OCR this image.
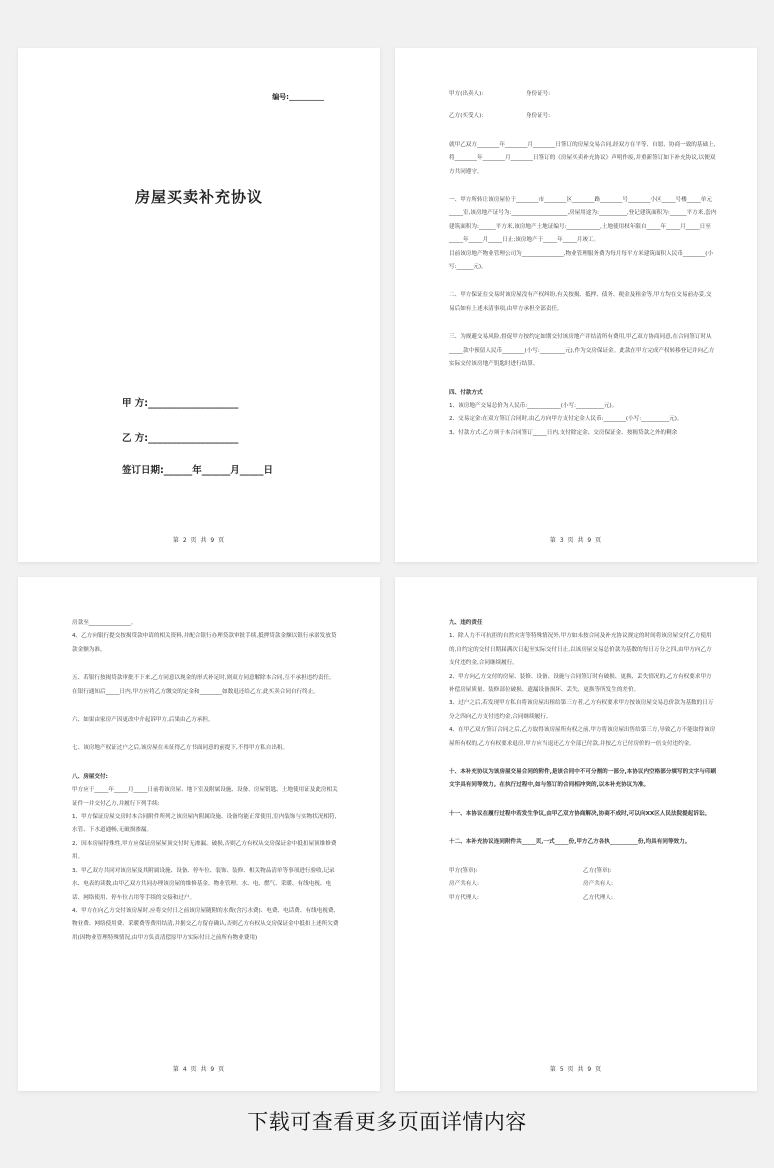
编号:__________
房屋买卖补充协议
甲 方:___________________
乙 方:___________________
签订日期:______年______月_____日
第 2 页 共 9 页

甲方(出卖人):                        身份证号:

乙方(买受人):                        身份证号:

就甲乙双方________年________月________日签订的房屋交易合同,经双方在平等、自愿、协商一致的基础上,将________年________月________日签订的《房屋买卖补充协议》声明作废,并重新签订如下补充协议,以便双方共同遵守。

一、甲方所转让该房屋位于________市________区________路________号________小区_____号楼_____单元_____室,该房地产证号为:____________________,房屋用途为:__________,登记建筑面积为:______平方米,套内建筑面积为:______平方米,该房地产土地证编号:____________,土地使用权年限自_____年_____月_____日至_____年_____月_____日止;该房地产于_____年_____月竣工。

目前该房地产物业管理公司为_______________,物业管理服务费为每月每平方米建筑面积人民币________(小写:______元)。

二、甲方保证在交易时该房屋没有产权纠纷,有关按揭、抵押、债务、税金及租金等,甲方均在交易前办妥,交易后如有上述未清事项,由甲方承担全部责任。

三、为规避交易风险,督促甲方按约定如期交付该房地产并结清所有费用,甲乙双方协商同意,在合同签订时从_____款中预留人民币________(小写:_________元),作为交房保证金。此款在甲方完成产权转移登记并向乙方实际交付该房地产钥匙时进行结算。

四、付款方式

1、该房地产交易总价为人民币:____________(小写:__________元)。

2、交易定金:在双方签订合同时,由乙方向甲方支付定金人民币:________(小写:__________元)。

3、付款方式:乙方须于本合同签订_____日内,支付除定金、交房保证金、按揭贷款之外的剩余

第 3 页 共 9 页

房款至_______________。

4、乙方向银行提交按揭贷款申请的相关资料,并配合银行办理贷款审批手续,抵押贷款金额以银行承诺发放贷款金额为准。

五、若银行按揭贷款审批不下来,乙方同意以现金的形式补足时,则双方同意解除本合同,互不承担违约责任。在银行通知后_____日内,甲方应将乙方缴交的定金和________如数退还给乙方,此买卖合同自行终止。

六、如果由家房产因更改中介起诉甲方,后果由乙方承担。

七、该房地产权证过户之后,该房屋在未征得乙方书面同意的前提下,不得甲方私自出租。

八、房屋交付:

甲方应于_____年_____月_____日前将该房屋、地下室及附属设施、设备、房屋钥匙、土地使用证及此房相关证件一并交付乙方,并履行下列手续:

1、甲方保证房屋交房时本合同附件所列之该房屋内附属设施、设备均能正常使用,室内装饰与实物状况相符,水管、下水道通畅,无破损渗漏。

2、因本房屋特殊性,甲方应保证房屋屋顶交付时无渗漏、破损,否则乙方有权从交房保证金中抵扣屋顶维修费用。

3、甲乙双方共同对该房屋及其附属设施、设备、停车位、装饰、装修、相关物品清单等事项进行验收,记录水、电表的读数,由甲乙双方共同办理该房屋的维修基金、物业管理、水、电、燃气、采暖、有线电视、电话、网络使用、停车位占用等手续的交接和过户。

4、甲方在向乙方交付该房屋时,应将交付日之前该房屋随附的水费(含污水费)、电费、电话费、有线电视费、物业费、网络使用费、采暖费等费用结清,并据交乙方留存确认,否则乙方有权从交房保证金中抵扣上述所欠费用(因物业管理特殊情况,由甲方负责清偿原甲方实际付日之前所有物业费用)

第 4 页 共 9 页

九、违约责任

1、除人力不可抗拒的自然灾害等特殊情况外,甲方如未按合同及补充协议规定的时间将该房屋交付乙方使用的,自约定的交付日期届满次日起至实际交付日止,以该房屋交易总价款为基数的每日万分之四,由甲方向乙方支付违约金,合同继续履行。

2、甲方向乙方交付的房屋、装修、设备、设施与合同签订时有破损、更换、丢失情况的,乙方有权要求甲方补偿房屋质量、装修部位破损、遗漏设备损坏、丢失、更换等所发生的差价。

3、过户之后,若发现甲方私自将该房屋出租给第三方者,乙方有权要求甲方按该房屋交易总价款为基数的日万分之四向乙方支付违约金,合同继续履行。

4、在甲乙双方签订合同之后,乙方取得该房屋所有权之前,甲方将该房屋出售给第三方,导致乙方不能取得该房屋所有权的,乙方有权要求退房,甲方应当退还乙方全部已付款,并按乙方已付房价的一倍支付违约金。

十、本补充协议为该房屋交易合同的附件,是该合同中不可分割的一部分,本协议内空格部分填写的文字与印刷文字具有同等效力。在执行过程中,如与签订的合同相冲突的,以本补充协议为准。

十一、本协议在履行过程中若发生争议,由甲乙双方协商解决,协商不成时,可以向XX区人民法院提起诉讼。

十二、本补充协议连同附件共_____页,一式_____份,甲方乙方各执__________份,均具有同等效力。

甲方(签章):	乙方(签章):

房产共有人:	房产共有人:

甲方代理人:	乙方代理人:

第 5 页 共 9 页
下载可查看更多页面详情内容
